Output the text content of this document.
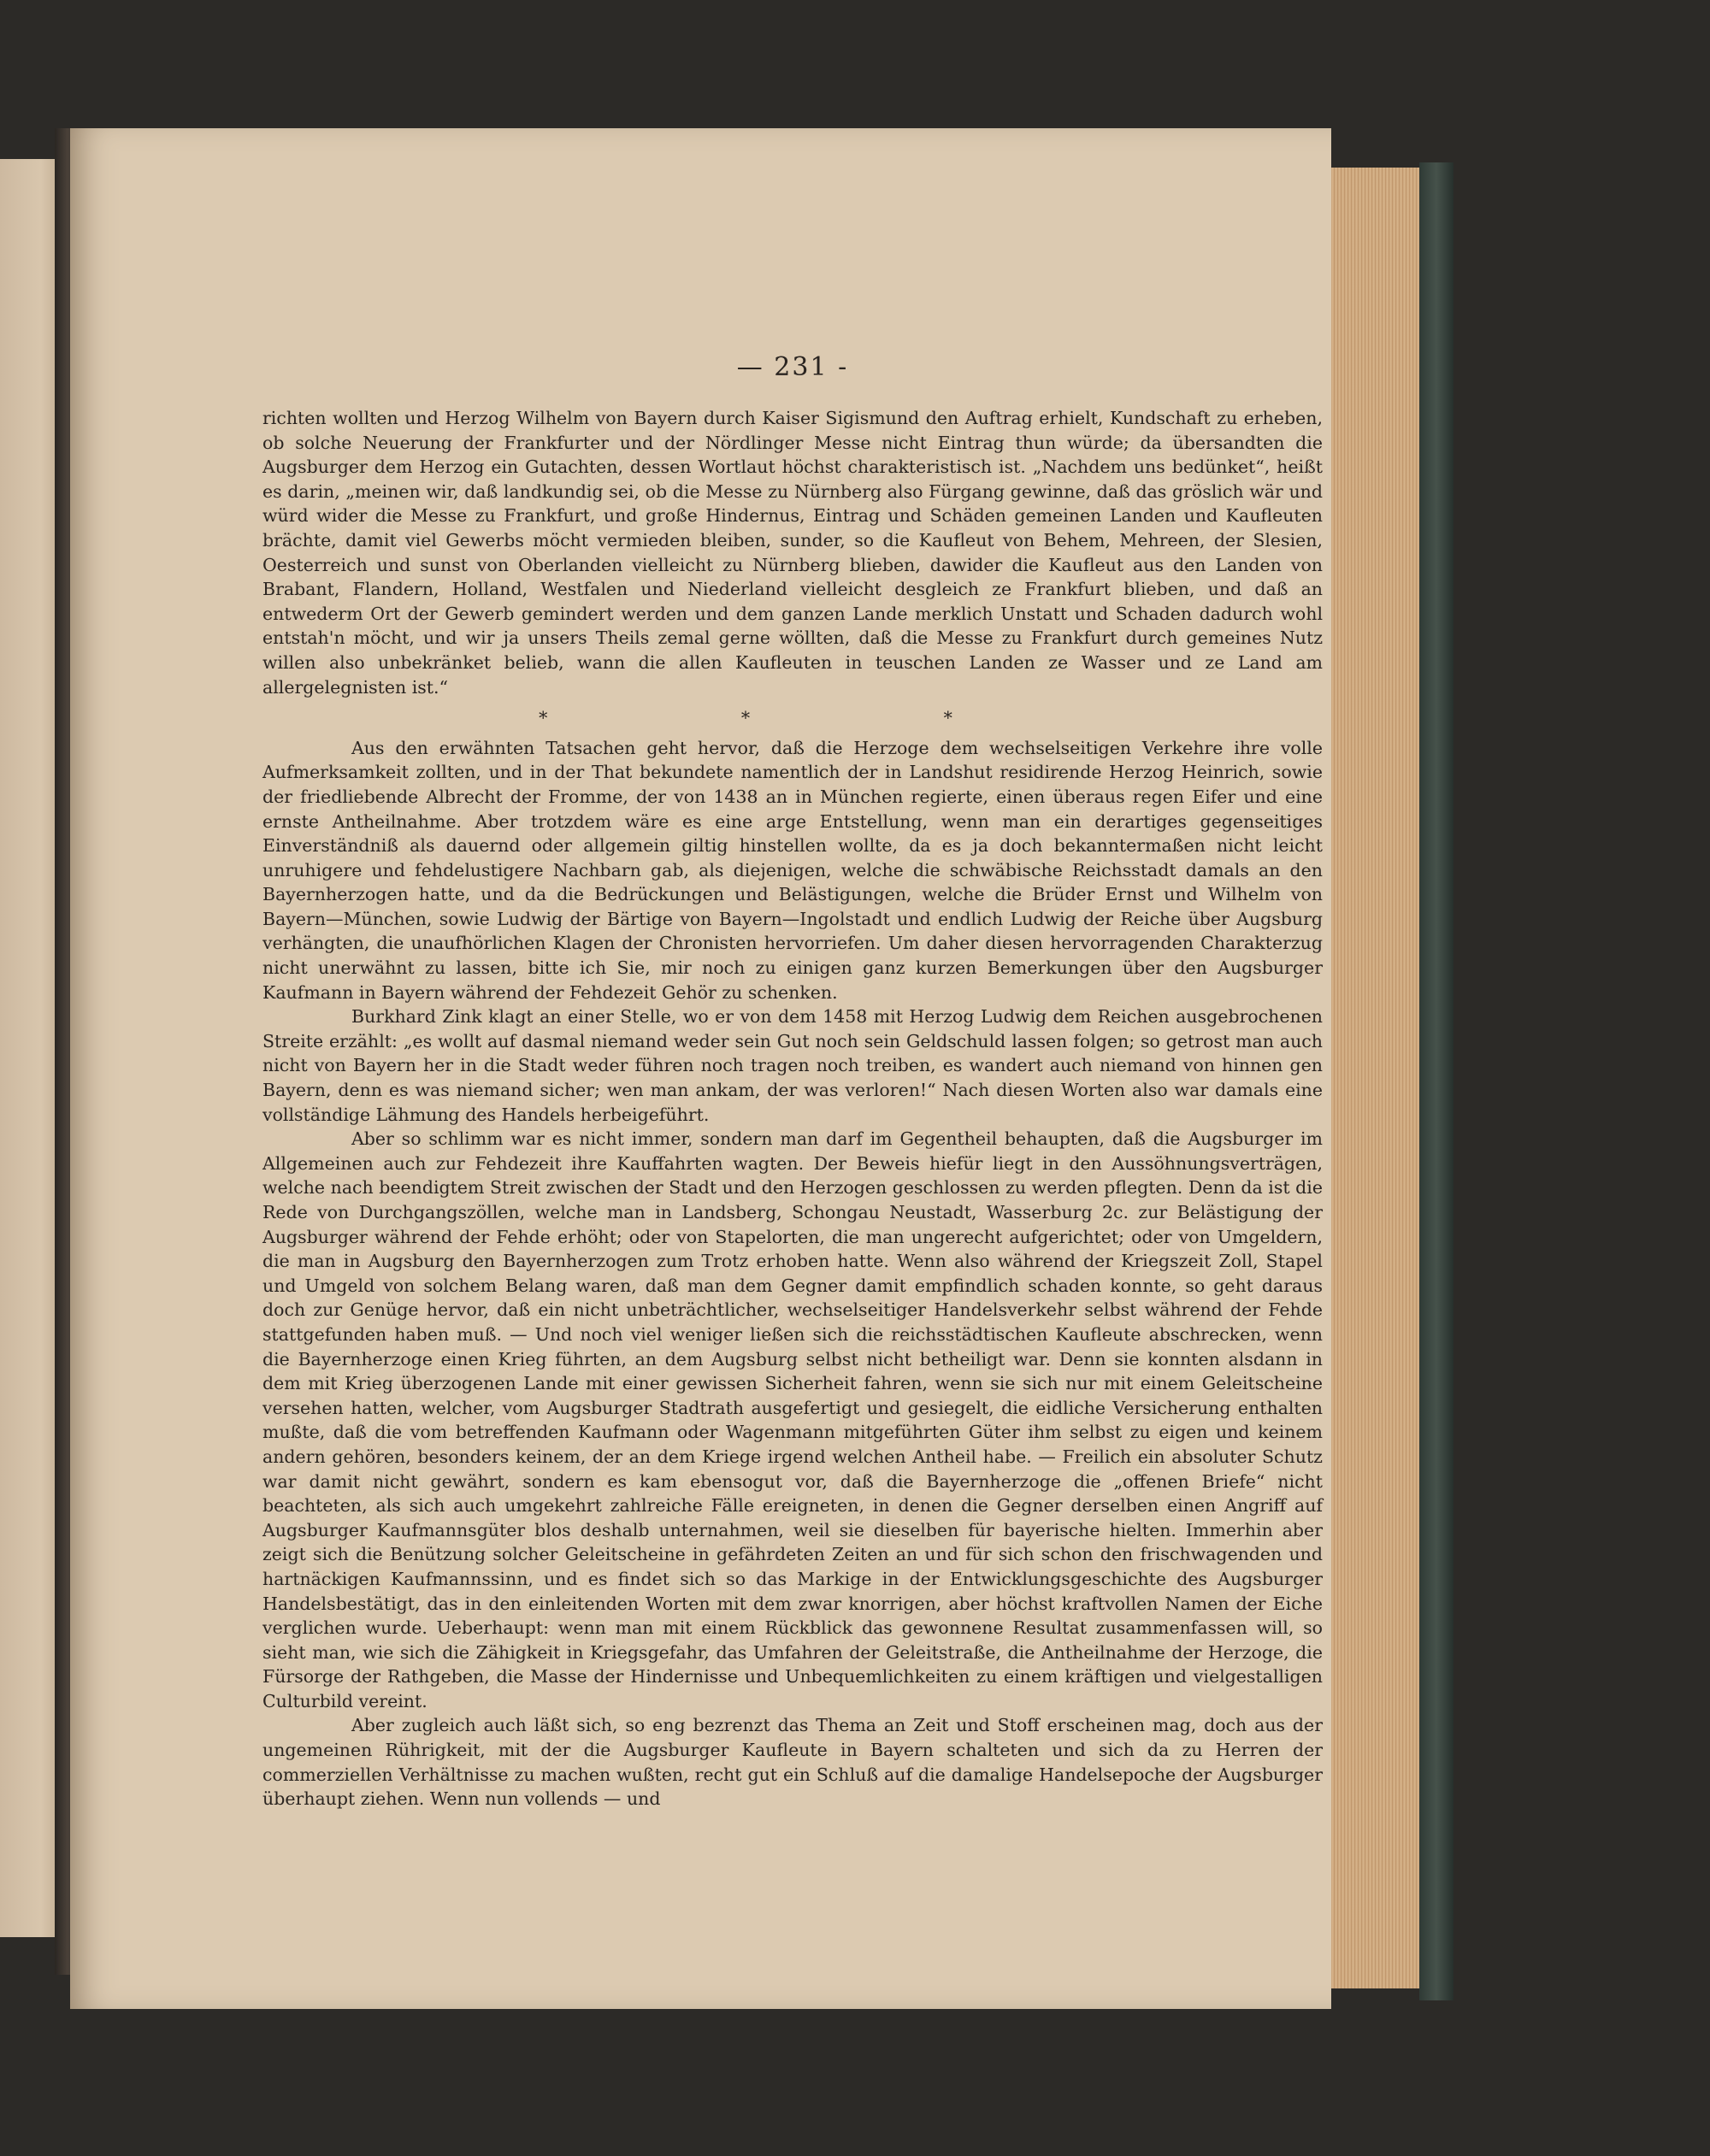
— 231 -

richten wollten und Herzog Wilhelm von Bayern durch Kaiser Sigismund den Auftrag erhielt, Kundschaft zu erheben, ob solche Neuerung der Frankfurter und der Nördlinger Messe nicht Eintrag thun würde; da übersandten die Augsburger dem Herzog ein Gutachten, dessen Wortlaut höchst charakteristisch ist. „Nachdem uns bedünket“, heißt es darin, „meinen wir, daß landkundig sei, ob die Messe zu Nürnberg also Fürgang gewinne, daß das gröslich wär und würd wider die Messe zu Frankfurt, und große Hindernus, Eintrag und Schäden gemeinen Landen und Kaufleuten brächte, damit viel Gewerbs möcht vermieden bleiben, sunder, so die Kaufleut von Behem, Mehreen, der Slesien, Oesterreich und sunst von Oberlanden vielleicht zu Nürnberg blieben, dawider die Kaufleut aus den Landen von Brabant, Flandern, Holland, Westfalen und Niederland vielleicht desgleich ze Frankfurt blieben, und daß an entwederm Ort der Gewerb gemindert werden und dem ganzen Lande merklich Unstatt und Schaden dadurch wohl entstah'n möcht, und wir ja unsers Theils zemal gerne wöllten, daß die Messe zu Frankfurt durch gemeines Nutz willen also unbekränket belieb, wann die allen Kaufleuten in teuschen Landen ze Wasser und ze Land am allergelegnisten ist.“

* * *

Aus den erwähnten Tatsachen geht hervor, daß die Herzoge dem wechselseitigen Verkehre ihre volle Aufmerksamkeit zollten, und in der That bekundete namentlich der in Landshut residirende Herzog Heinrich, sowie der friedliebende Albrecht der Fromme, der von 1438 an in München regierte, einen überaus regen Eifer und eine ernste Antheilnahme. Aber trotzdem wäre es eine arge Entstellung, wenn man ein derartiges gegenseitiges Einverständniß als dauernd oder allgemein giltig hinstellen wollte, da es ja doch bekanntermaßen nicht leicht unruhigere und fehdelustigere Nachbarn gab, als diejenigen, welche die schwäbische Reichsstadt damals an den Bayernherzogen hatte, und da die Bedrückungen und Belästigungen, welche die Brüder Ernst und Wilhelm von Bayern—München, sowie Ludwig der Bärtige von Bayern—Ingolstadt und endlich Ludwig der Reiche über Augsburg verhängten, die unaufhörlichen Klagen der Chronisten hervorriefen. Um daher diesen hervorragenden Charakterzug nicht unerwähnt zu lassen, bitte ich Sie, mir noch zu einigen ganz kurzen Bemerkungen über den Augsburger Kaufmann in Bayern während der Fehdezeit Gehör zu schenken.

Burkhard Zink klagt an einer Stelle, wo er von dem 1458 mit Herzog Ludwig dem Reichen ausgebrochenen Streite erzählt: „es wollt auf dasmal niemand weder sein Gut noch sein Geldschuld lassen folgen; so getrost man auch nicht von Bayern her in die Stadt weder führen noch tragen noch treiben, es wandert auch niemand von hinnen gen Bayern, denn es was niemand sicher; wen man ankam, der was verloren!“ Nach diesen Worten also war damals eine vollständige Lähmung des Handels herbeigeführt.

Aber so schlimm war es nicht immer, sondern man darf im Gegentheil behaupten, daß die Augsburger im Allgemeinen auch zur Fehdezeit ihre Kauffahrten wagten. Der Beweis hiefür liegt in den Aussöhnungsverträgen, welche nach beendigtem Streit zwischen der Stadt und den Herzogen geschlossen zu werden pflegten. Denn da ist die Rede von Durchgangszöllen, welche man in Landsberg, Schongau Neustadt, Wasserburg 2c. zur Belästigung der Augsburger während der Fehde erhöht; oder von Stapelorten, die man ungerecht aufgerichtet; oder von Umgeldern, die man in Augsburg den Bayernherzogen zum Trotz erhoben hatte. Wenn also während der Kriegszeit Zoll, Stapel und Umgeld von solchem Belang waren, daß man dem Gegner damit empfindlich schaden konnte, so geht daraus doch zur Genüge hervor, daß ein nicht unbeträchtlicher, wechselseitiger Handelsverkehr selbst während der Fehde stattgefunden haben muß. — Und noch viel weniger ließen sich die reichsstädtischen Kaufleute abschrecken, wenn die Bayernherzoge einen Krieg führten, an dem Augsburg selbst nicht betheiligt war. Denn sie konnten alsdann in dem mit Krieg überzogenen Lande mit einer gewissen Sicherheit fahren, wenn sie sich nur mit einem Geleitscheine versehen hatten, welcher, vom Augsburger Stadtrath ausgefertigt und gesiegelt, die eidliche Versicherung enthalten mußte, daß die vom betreffenden Kaufmann oder Wagenmann mitgeführten Güter ihm selbst zu eigen und keinem andern gehören, besonders keinem, der an dem Kriege irgend welchen Antheil habe. — Freilich ein absoluter Schutz war damit nicht gewährt, sondern es kam ebensogut vor, daß die Bayernherzoge die „offenen Briefe“ nicht beachteten, als sich auch umgekehrt zahlreiche Fälle ereigneten, in denen die Gegner derselben einen Angriff auf Augsburger Kaufmannsgüter blos deshalb unternahmen, weil sie dieselben für bayerische hielten. Immerhin aber zeigt sich die Benützung solcher Geleitscheine in gefährdeten Zeiten an und für sich schon den frischwagenden und hartnäckigen Kaufmannssinn, und es findet sich so das Markige in der Entwicklungsgeschichte des Augsburger Handelsbestätigt, das in den einleitenden Worten mit dem zwar knorrigen, aber höchst kraftvollen Namen der Eiche verglichen wurde. Ueberhaupt: wenn man mit einem Rückblick das gewonnene Resultat zusammenfassen will, so sieht man, wie sich die Zähigkeit in Kriegsgefahr, das Umfahren der Geleitstraße, die Antheilnahme der Herzoge, die Fürsorge der Rathgeben, die Masse der Hindernisse und Unbequemlichkeiten zu einem kräftigen und vielgestalligen Culturbild vereint.

Aber zugleich auch läßt sich, so eng bezrenzt das Thema an Zeit und Stoff erscheinen mag, doch aus der ungemeinen Rührigkeit, mit der die Augsburger Kaufleute in Bayern schalteten und sich da zu Herren der commerziellen Verhältnisse zu machen wußten, recht gut ein Schluß auf die damalige Handelsepoche der Augsburger überhaupt ziehen. Wenn nun vollends — und
